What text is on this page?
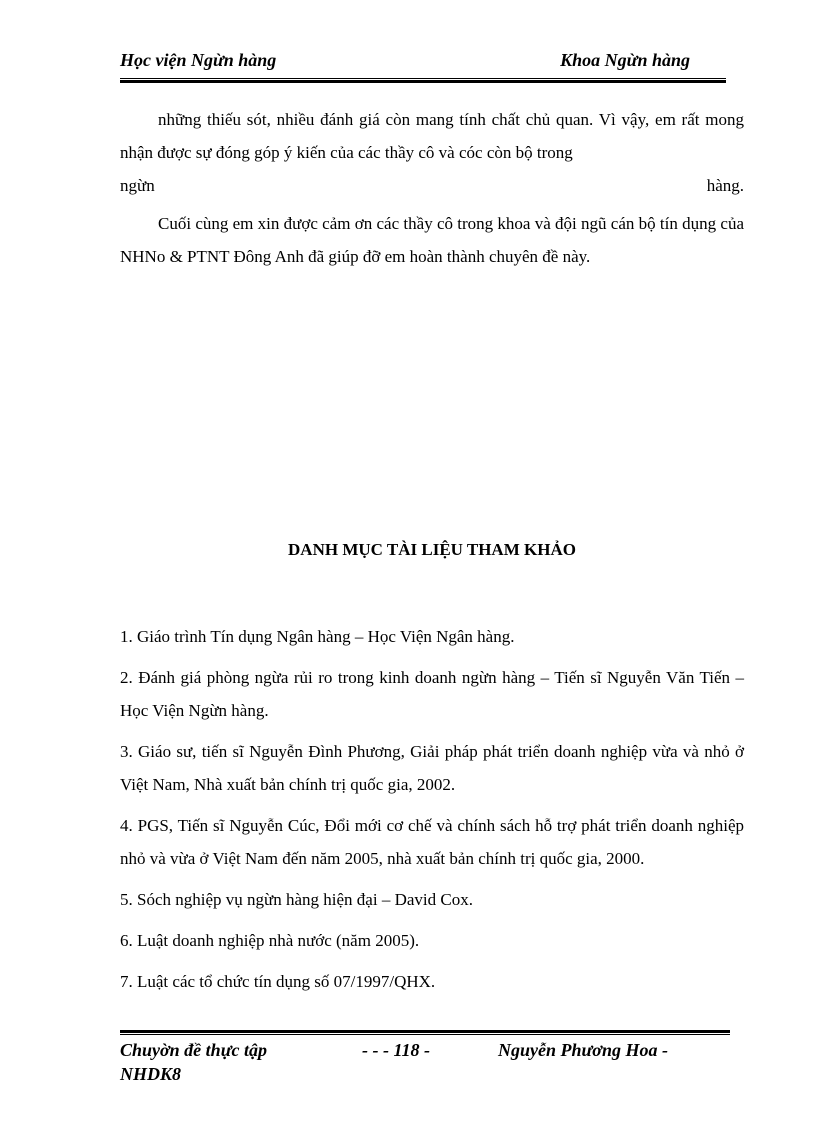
Học viện Ngừn hàng	Khoa Ngừn hàng
những thiếu sót, nhiều đánh giá còn mang tính chất chủ quan. Vì vậy, em rất mong nhận được sự đóng góp ý kiến của các thầy cô và cóc còn bộ trong
ngừn	hàng.
Cuối cùng em xin được cảm ơn các thầy cô trong khoa và đội ngũ cán bộ tín dụng của NHNo & PTNT Đông Anh đã giúp đỡ em hoàn thành chuyên đề này.
DANH MỤC TÀI LIỆU THAM KHẢO

1. Giáo trình Tín dụng Ngân hàng – Học Viện Ngân hàng.

2. Đánh giá phòng ngừa rủi ro trong kinh doanh ngừn hàng – Tiến sĩ Nguyễn Văn Tiến – Học Viện Ngừn hàng.

3. Giáo sư, tiến sĩ Nguyễn Đình Phương, Giải pháp phát triển doanh nghiệp vừa và nhỏ ở Việt Nam, Nhà xuất bản chính trị quốc gia, 2002.

4. PGS, Tiến sĩ Nguyễn Cúc, Đổi mới cơ chế và chính sách hỗ trợ phát triển doanh nghiệp nhỏ và vừa ở Việt Nam đến năm 2005, nhà xuất bản chính trị quốc gia, 2000.

5. Sóch nghiệp vụ ngừn hàng hiện đại – David Cox.

6. Luật doanh nghiệp nhà nước (năm 2005).

7. Luật các tổ chức tín dụng số 07/1997/QHX.

Chuyờn đề thực tập	- - - 118 -	Nguyễn Phương Hoa -
NHDK8
